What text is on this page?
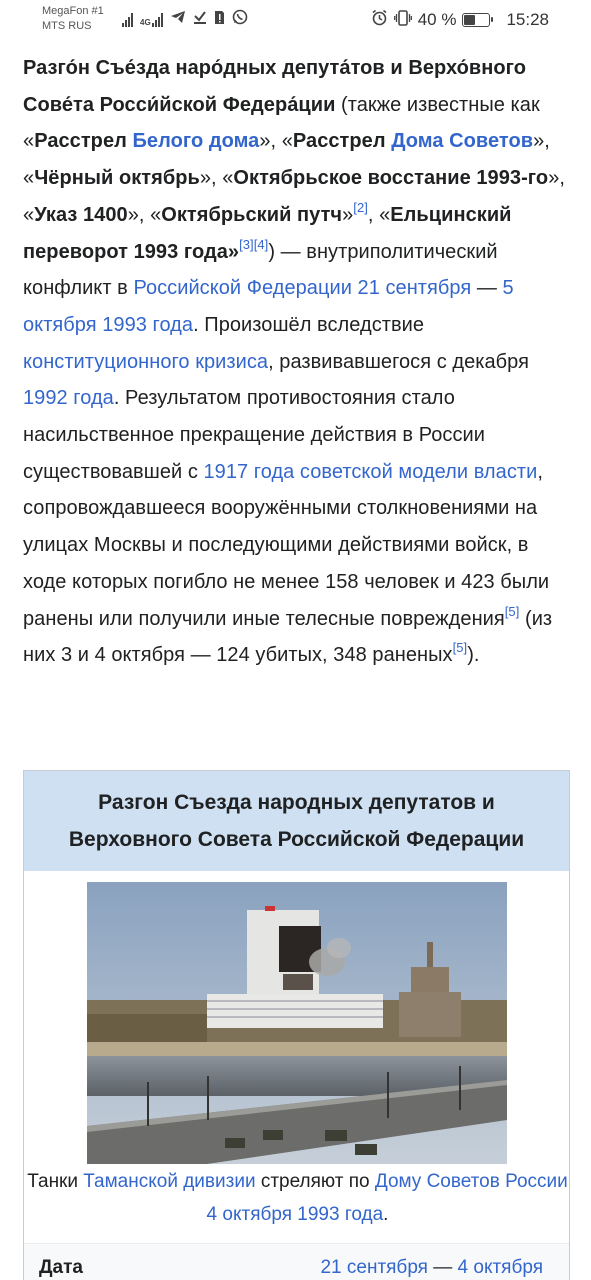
MegaFon #1
MTS RUS	4G	40 %	15:28
Разго́н Съе́зда наро́дных депута́тов и Верхо́вного Сове́та Росси́йской Федера́ции (также известные как «Расстрел Белого дома», «Расстрел Дома Советов», «Чёрный октябрь», «Октябрьское восстание 1993-го», «Указ 1400», «Октябрьский путч»[2], «Ельцинский переворот 1993 года»[3][4]) — внутриполитический конфликт в Российской Федерации 21 сентября — 5 октября 1993 года. Произошёл вследствие конституционного кризиса, развивавшегося с декабря 1992 года. Результатом противостояния стало насильственное прекращение действия в России существовавшей с 1917 года советской модели власти, сопровождавшееся вооружёнными столкновениями на улицах Москвы и последующими действиями войск, в ходе которых погибло не менее 158 человек и 423 были ранены или получили иные телесные повреждения[5] (из них 3 и 4 октября — 124 убитых, 348 раненых[5]).
Разгон Съезда народных депутатов и Верховного Совета Российской Федерации
Танки Таманской дивизии стреляют по Дому Советов России 4 октября 1993 года.
Дата	21 сентября — 4 октября
